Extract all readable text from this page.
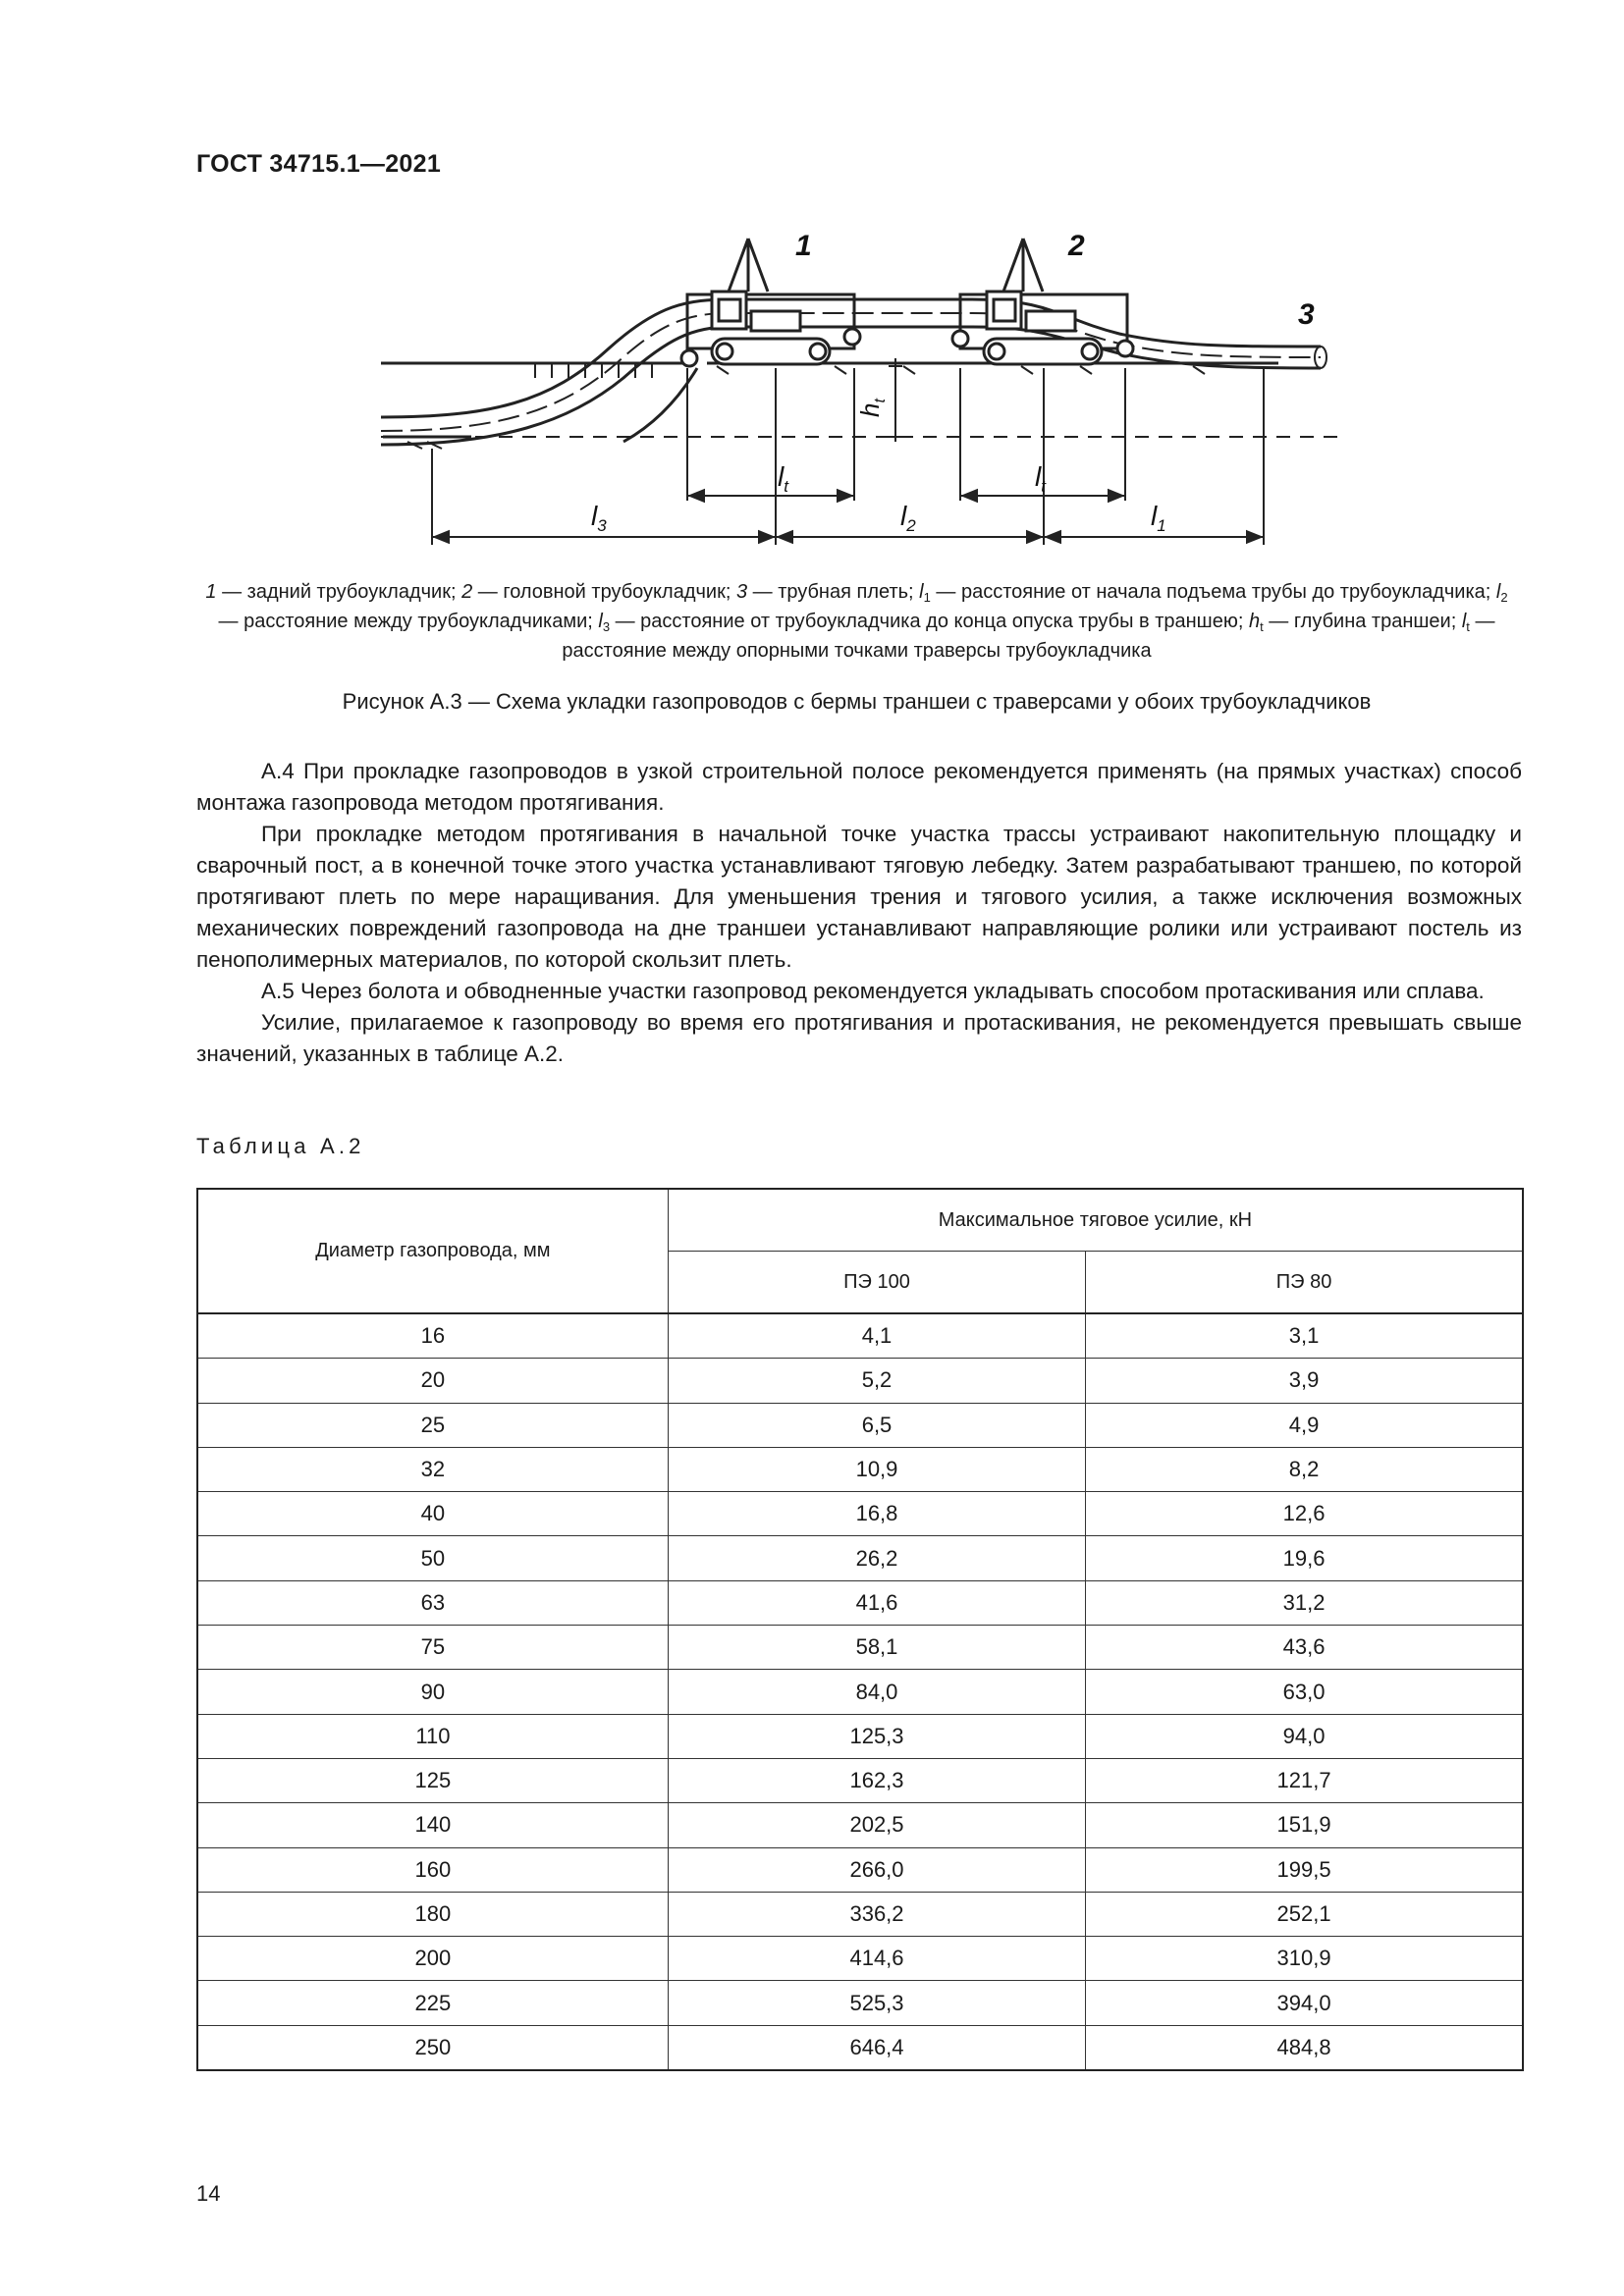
ГОСТ 34715.1—2021
1	2
3
$l_t$	$l_t$
$l_3$	$l_2$	$l_1$
$h_t$
1 — задний трубоукладчик; 2 — головной трубоукладчик; 3 — трубная плеть; $l_1$ — расстояние от начала подъема трубы до трубоукладчика; $l_2$ — расстояние между трубоукладчиками; $l_3$ — расстояние от трубоукладчика до конца опуска трубы в траншею; $h_t$ — глубина траншеи; $l_t$ — расстояние между опорными точками траверсы трубоукладчика
Рисунок А.3 — Схема укладки газопроводов с бермы траншеи с траверсами у обоих трубоукладчиков

А.4 При прокладке газопроводов в узкой строительной полосе рекомендуется применять (на прямых участках) способ монтажа газопровода методом протягивания.

При прокладке методом протягивания в начальной точке участка трассы устраивают накопительную площадку и сварочный пост, а в конечной точке этого участка устанавливают тяговую лебедку. Затем разрабатывают траншею, по которой протягивают плеть по мере наращивания. Для уменьшения трения и тягового усилия, а также исключения возможных механических повреждений газопровода на дне траншеи устанавливают направляющие ролики или устраивают постель из пенополимерных материалов, по которой скользит плеть.

А.5 Через болота и обводненные участки газопровод рекомендуется укладывать способом протаскивания или сплава.

Усилие, прилагаемое к газопроводу во время его протягивания и протаскивания, не рекомендуется превышать свыше значений, указанных в таблице А.2.

Таблица А.2
Диаметр газопровода, мм	Максимальное тяговое усилие, кН	
	ПЭ 100	ПЭ 80
16	4,1	3,1
20	5,2	3,9
25	6,5	4,9
32	10,9	8,2
40	16,8	12,6
50	26,2	19,6
63	41,6	31,2
75	58,1	43,6
90	84,0	63,0
110	125,3	94,0
125	162,3	121,7
140	202,5	151,9
160	266,0	199,5
180	336,2	252,1
200	414,6	310,9
225	525,3	394,0
250	646,4	484,8
14
